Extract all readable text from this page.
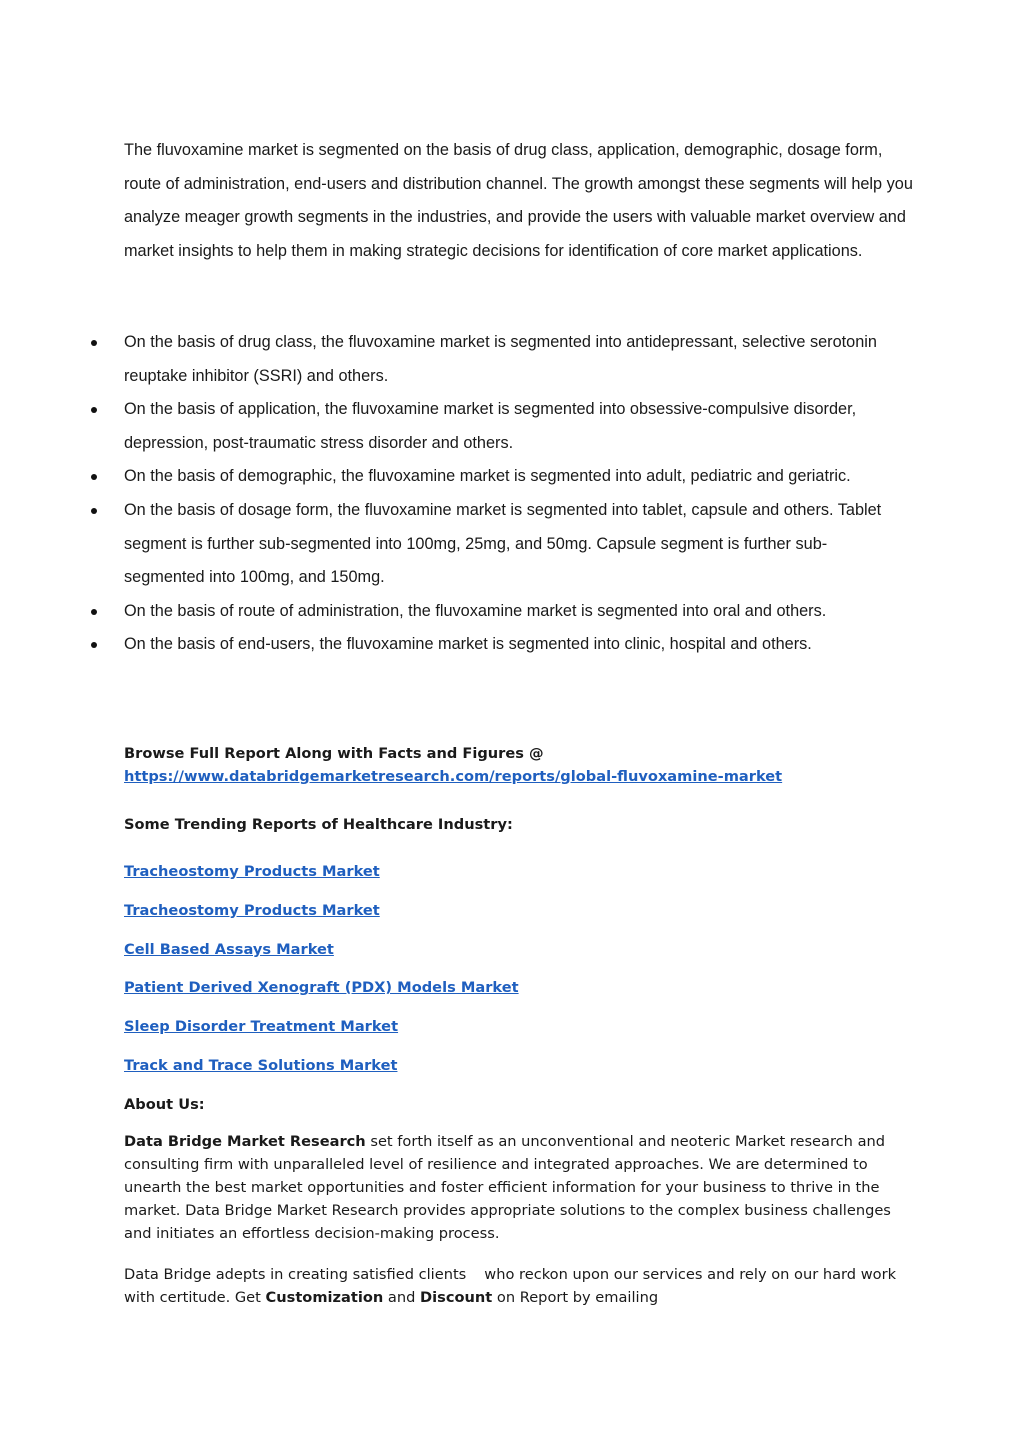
The fluvoxamine market is segmented on the basis of drug class, application, demographic, dosage form, route of administration, end-users and distribution channel. The growth amongst these segments will help you analyze meager growth segments in the industries, and provide the users with valuable market overview and market insights to help them in making strategic decisions for identification of core market applications.

On the basis of drug class, the fluvoxamine market is segmented into antidepressant, selective serotonin reuptake inhibitor (SSRI) and others.
On the basis of application, the fluvoxamine market is segmented into obsessive-compulsive disorder, depression, post-traumatic stress disorder and others.
On the basis of demographic, the fluvoxamine market is segmented into adult, pediatric and geriatric.
On the basis of dosage form, the fluvoxamine market is segmented into tablet, capsule and others. Tablet segment is further sub-segmented into 100mg, 25mg, and 50mg. Capsule segment is further sub-segmented into 100mg, and 150mg.
On the basis of route of administration, the fluvoxamine market is segmented into oral and others.
On the basis of end-users, the fluvoxamine market is segmented into clinic, hospital and others.

Browse Full Report Along with Facts and Figures @
https://www.databridgemarketresearch.com/reports/global-fluvoxamine-market

Some Trending Reports of Healthcare Industry:

Tracheostomy Products Market
Tracheostomy Products Market
Cell Based Assays Market
Patient Derived Xenograft (PDX) Models Market
Sleep Disorder Treatment Market
Track and Trace Solutions Market

About Us:

Data Bridge Market Research set forth itself as an unconventional and neoteric Market research and consulting firm with unparalleled level of resilience and integrated approaches. We are determined to unearth the best market opportunities and foster efficient information for your business to thrive in the market. Data Bridge Market Research provides appropriate solutions to the complex business challenges and initiates an effortless decision-making process.

Data Bridge adepts in creating satisfied clients who reckon upon our services and rely on our hard work with certitude. Get Customization and Discount on Report by emailing
